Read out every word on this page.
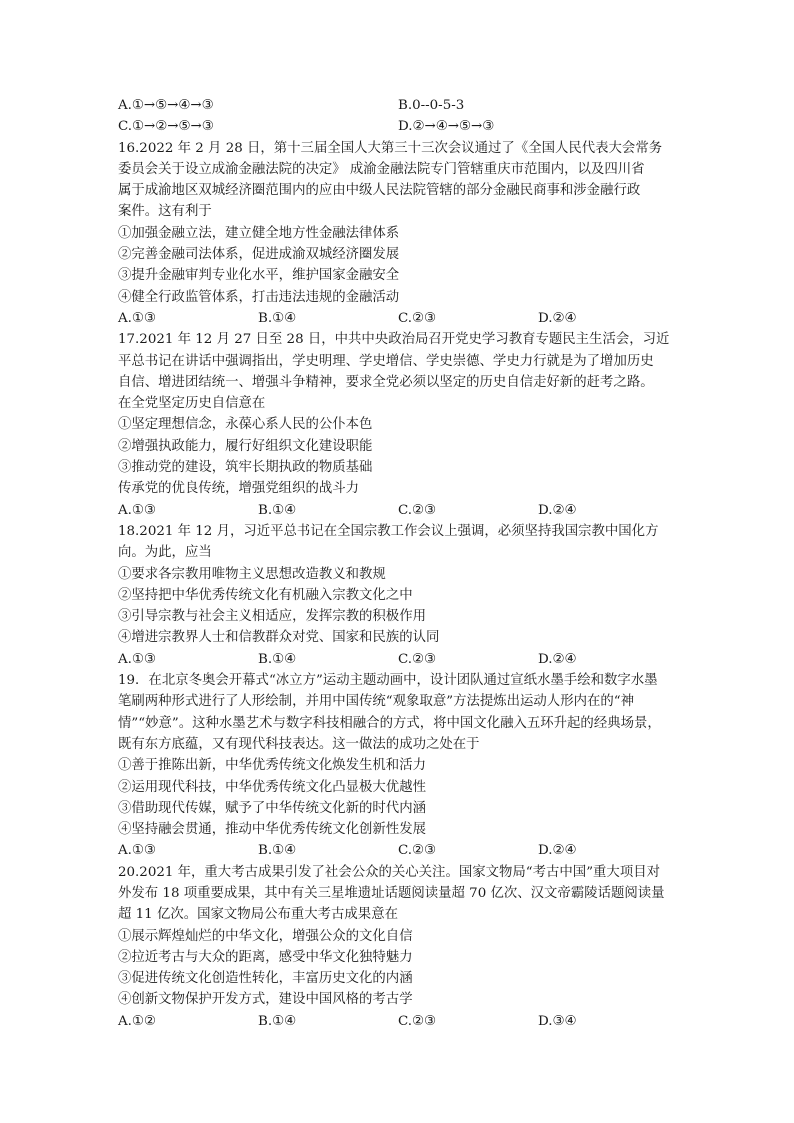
A.①→⑤→④→③	B.0--0-5-3
C.①→②→⑤→③	D.②→④→⑤→③
16.2022 年 2 月 28 日，第十三届全国人大第三十三次会议通过了《全国人民代表大会常务
委员会关于设立成渝金融法院的决定》 成渝金融法院专门管辖重庆市范围内，以及四川省
属于成渝地区双城经济圈范围内的应由中级人民法院管辖的部分金融民商事和涉金融行政
案件。这有利于
①加强金融立法，建立健全地方性金融法律体系
②完善金融司法体系，促进成渝双城经济圈发展
③提升金融审判专业化水平，维护国家金融安全
④健全行政监管体系，打击违法违规的金融活动
A.①③	B.①④	C.②③	D.②④
17.2021 年 12 月 27 日至 28 日，中共中央政治局召开党史学习教育专题民主生活会，习近
平总书记在讲话中强调指出，学史明理、学史增信、学史崇德、学史力行就是为了增加历史
自信、增进团结统一、增强斗争精神，要求全党必须以坚定的历史自信走好新的赶考之路。
在全党坚定历史自信意在
①坚定理想信念，永葆心系人民的公仆本色
②增强执政能力，履行好组织文化建设职能
③推动党的建设，筑牢长期执政的物质基础
传承党的优良传统，增强党组织的战斗力
A.①③	B.①④	C.②③	D.②④
18.2021 年 12 月，习近平总书记在全国宗教工作会议上强调，必须坚持我国宗教中国化方
向。为此，应当
①要求各宗教用唯物主义思想改造教义和教规
②坚持把中华优秀传统文化有机融入宗教文化之中
③引导宗教与社会主义相适应，发挥宗教的积极作用
④增进宗教界人士和信教群众对党、国家和民族的认同
A.①③	B.①④	C.②③	D.②④
19．在北京冬奥会开幕式“冰立方”运动主题动画中，设计团队通过宣纸水墨手绘和数字水墨
笔刷两种形式进行了人形绘制，并用中国传统“观象取意”方法提炼出运动人形内在的“神
情”“妙意”。这种水墨艺术与数字科技相融合的方式，将中国文化融入五环升起的经典场景，
既有东方底蕴，又有现代科技表达。这一做法的成功之处在于
①善于推陈出新，中华优秀传统文化焕发生机和活力
②运用现代科技，中华优秀传统文化凸显极大优越性
③借助现代传媒，赋予了中华传统文化新的时代内涵
④坚持融会贯通，推动中华优秀传统文化创新性发展
A.①③	B.①④	C.②③	D.②④
20.2021 年，重大考古成果引发了社会公众的关心关注。国家文物局“考古中国”重大项目对
外发布 18 项重要成果，其中有关三星堆遗址话题阅读量超 70 亿次、汉文帝霸陵话题阅读量
超 11 亿次。国家文物局公布重大考古成果意在
①展示辉煌灿烂的中华文化，增强公众的文化自信
②拉近考古与大众的距离，感受中华文化独特魅力
③促进传统文化创造性转化，丰富历史文化的内涵
④创新文物保护开发方式，建设中国风格的考古学
A.①②	B.①④	C.②③	D.③④
